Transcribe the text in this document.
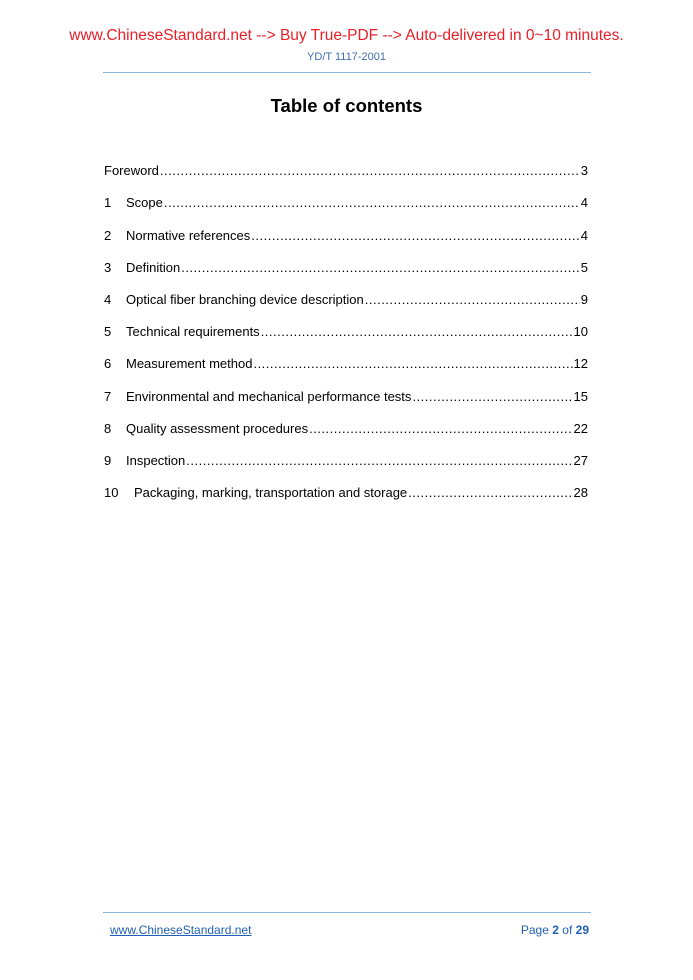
www.ChineseStandard.net --> Buy True-PDF --> Auto-delivered in 0~10 minutes.
YD/T 1117-2001
Table of contents
Foreword .....	3
1	Scope .....	4
2	Normative references .....	4
3	Definition .....	5
4	Optical fiber branching device description .....	9
5	Technical requirements .....	10
6	Measurement method .....	12
7	Environmental and mechanical performance tests .....	15
8	Quality assessment procedures .....	22
9	Inspection .....	27
10	Packaging, marking, transportation and storage .....	28
www.ChineseStandard.net	Page 2 of 29
